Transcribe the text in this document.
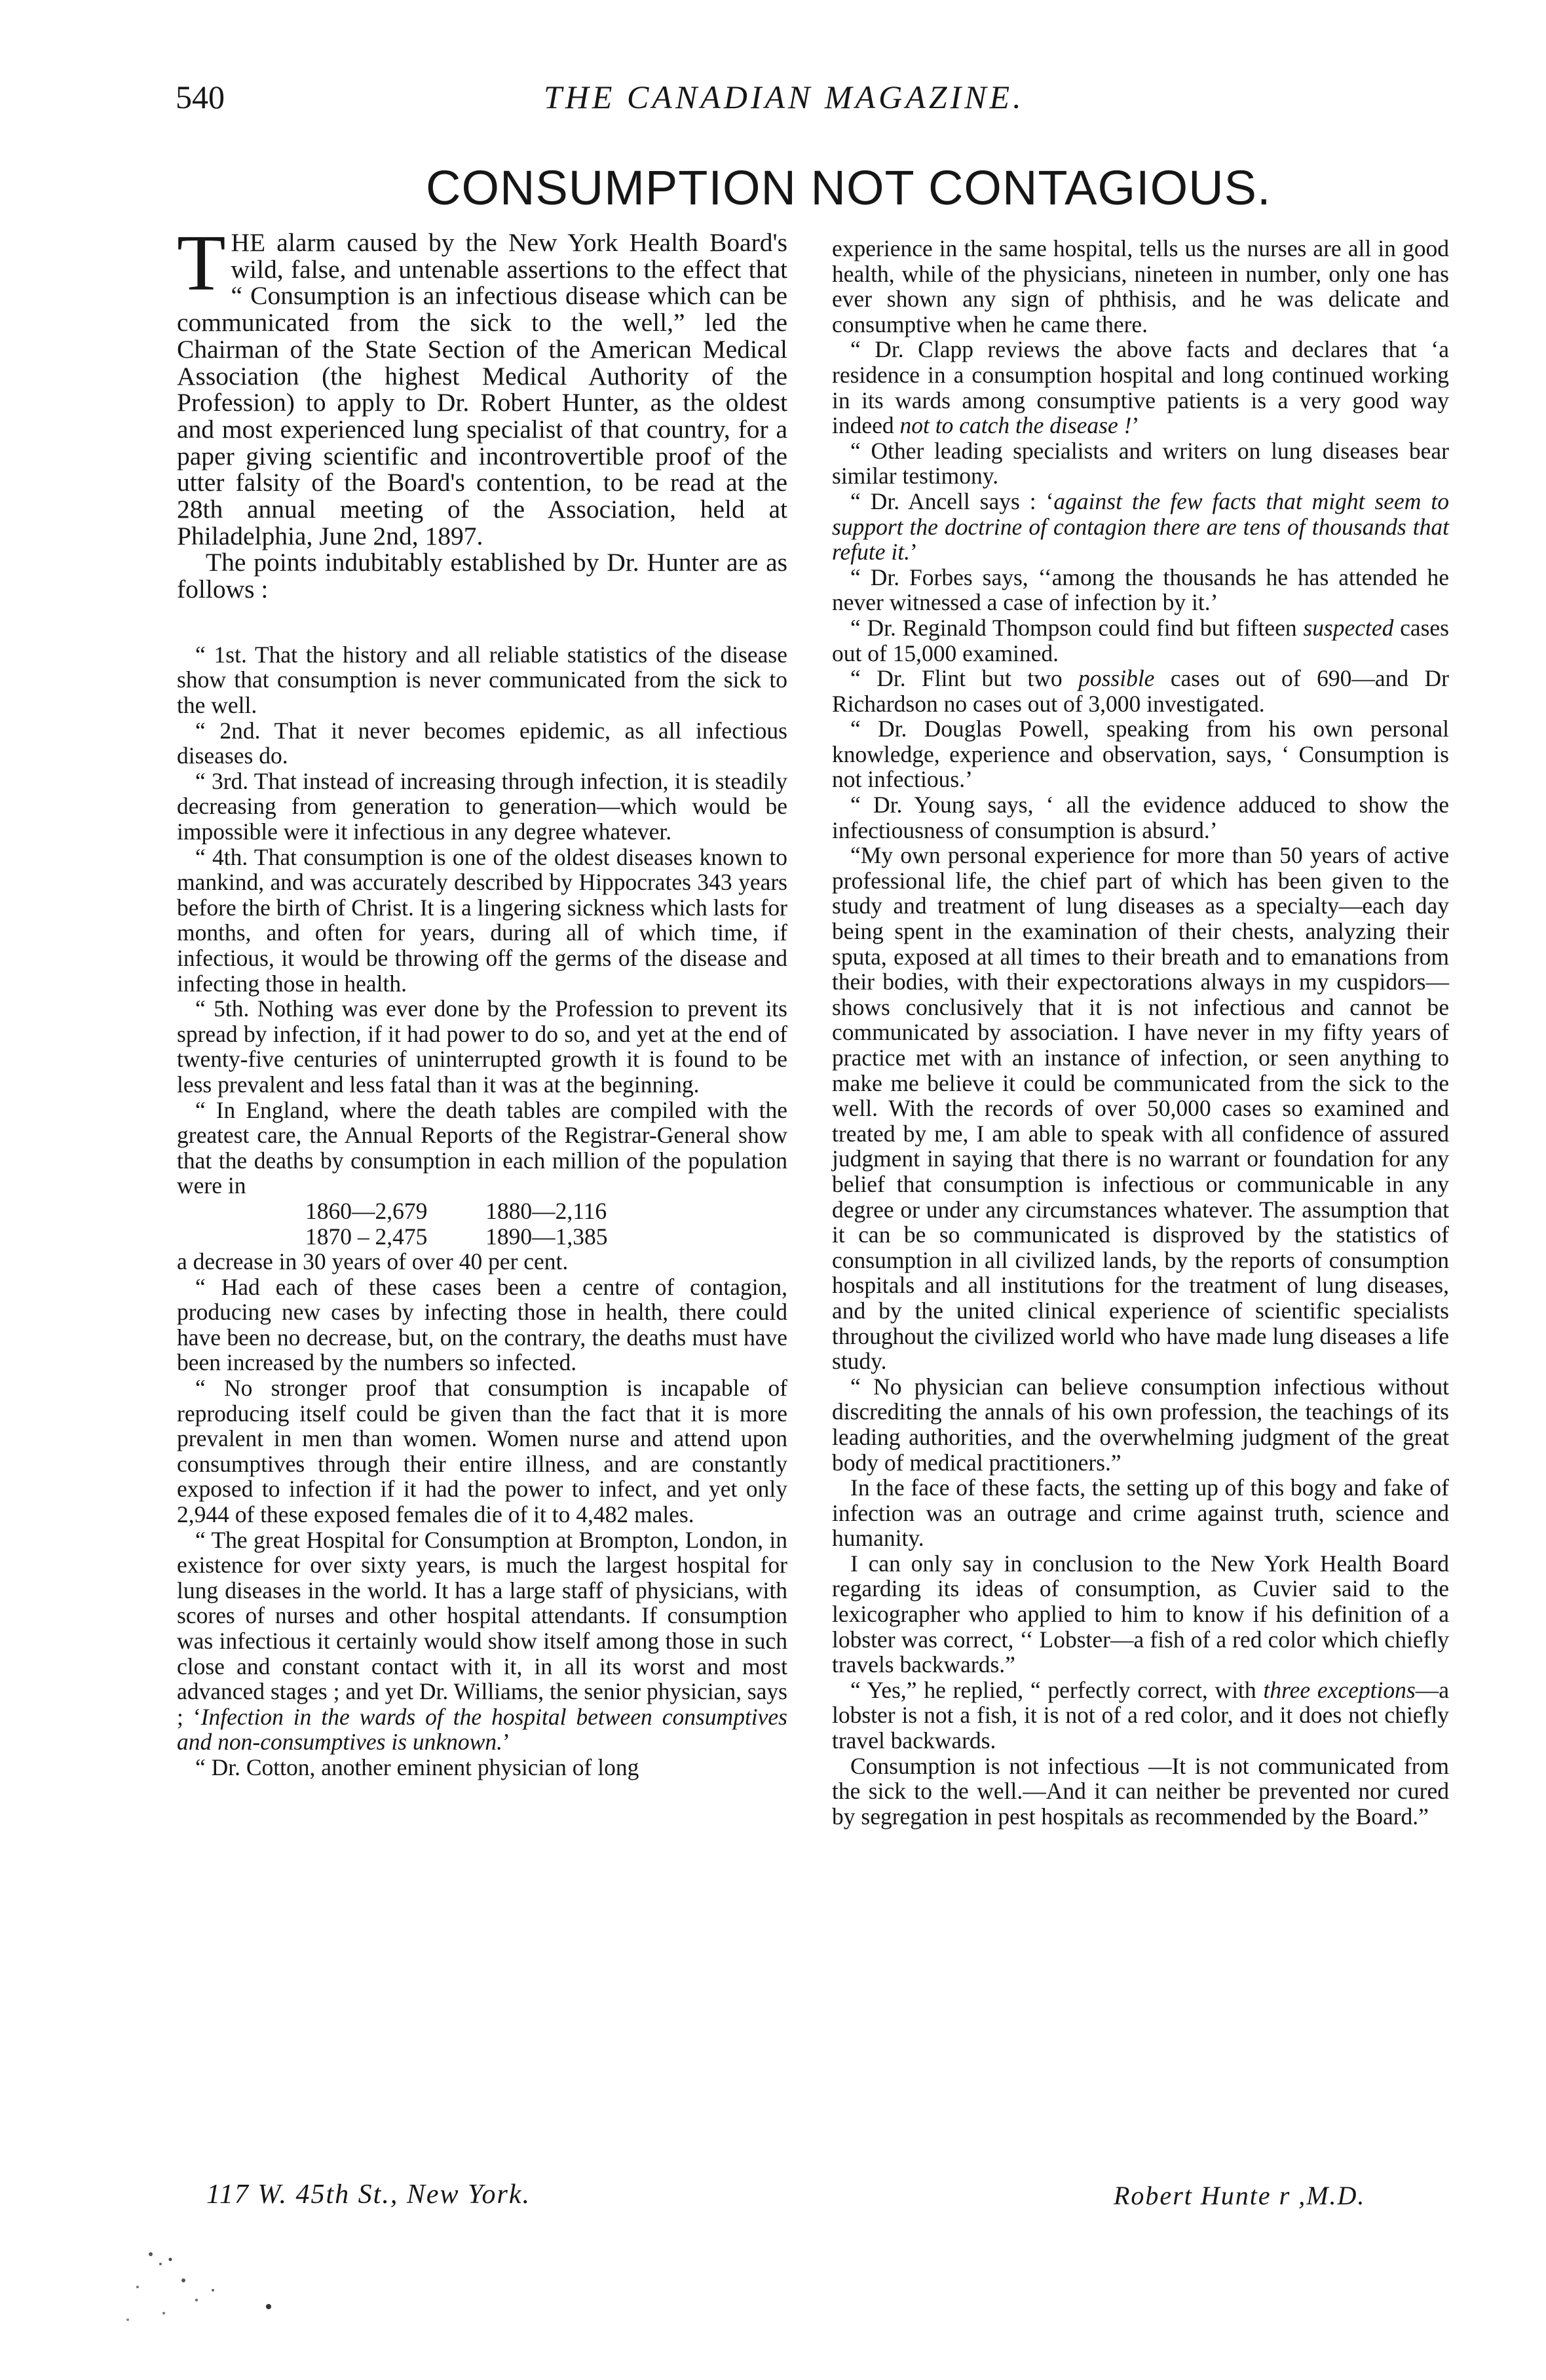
540	THE CANADIAN MAGAZINE.

CONSUMPTION NOT CONTAGIOUS.

THE alarm caused by the New York Health Board's wild, false, and untenable assertions to the effect that “ Consumption is an infectious disease which can be communicated from the sick to the well,” led the Chairman of the State Section of the American Medical Association (the highest Medical Authority of the Profession) to apply to Dr. Robert Hunter, as the oldest and most experienced lung specialist of that country, for a paper giving scientific and incontrovertible proof of the utter falsity of the Board's contention, to be read at the 28th annual meeting of the Association, held at Philadelphia, June 2nd, 1897.

The points indubitably established by Dr. Hunter are as follows :

“ 1st. That the history and all reliable statistics of the disease show that consumption is never communicated from the sick to the well.

“ 2nd. That it never becomes epidemic, as all infectious diseases do.

“ 3rd. That instead of increasing through infection, it is steadily decreasing from generation to generation—which would be impossible were it infectious in any degree whatever.

“ 4th. That consumption is one of the oldest diseases known to mankind, and was accurately described by Hippocrates 343 years before the birth of Christ. It is a lingering sickness which lasts for months, and often for years, during all of which time, if infectious, it would be throwing off the germs of the disease and infecting those in health.

“ 5th. Nothing was ever done by the Profession to prevent its spread by infection, if it had power to do so, and yet at the end of twenty-five centuries of uninterrupted growth it is found to be less prevalent and less fatal than it was at the beginning.

“ In England, where the death tables are compiled with the greatest care, the Annual Reports of the Registrar-General show that the deaths by consumption in each million of the population were in

1860—2,679          1880—2,116
1870 – 2,475          1890—1,385

a decrease in 30 years of over 40 per cent.

“ Had each of these cases been a centre of contagion, producing new cases by infecting those in health, there could have been no decrease, but, on the contrary, the deaths must have been increased by the numbers so infected.

“ No stronger proof that consumption is incapable of reproducing itself could be given than the fact that it is more prevalent in men than women. Women nurse and attend upon consumptives through their entire illness, and are constantly exposed to infection if it had the power to infect, and yet only 2,944 of these exposed females die of it to 4,482 males.

“ The great Hospital for Consumption at Brompton, London, in existence for over sixty years, is much the largest hospital for lung diseases in the world. It has a large staff of physicians, with scores of nurses and other hospital attendants. If consumption was infectious it certainly would show itself among those in such close and constant contact with it, in all its worst and most advanced stages ; and yet Dr. Williams, the senior physician, says ; ‘Infection in the wards of the hospital between consumptives and non-consumptives is unknown.’

“ Dr. Cotton, another eminent physician of long

experience in the same hospital, tells us the nurses are all in good health, while of the physicians, nineteen in number, only one has ever shown any sign of phthisis, and he was delicate and consumptive when he came there.

“ Dr. Clapp reviews the above facts and declares that ‘a residence in a consumption hospital and long continued working in its wards among consumptive patients is a very good way indeed not to catch the disease !’

“ Other leading specialists and writers on lung diseases bear similar testimony.

“ Dr. Ancell says : ‘against the few facts that might seem to support the doctrine of contagion there are tens of thousands that refute it.’

“ Dr. Forbes says, ‘‘among the thousands he has attended he never witnessed a case of infection by it.’

“ Dr. Reginald Thompson could find but fifteen suspected cases out of 15,000 examined.

“ Dr. Flint but two possible cases out of 690—and Dr Richardson no cases out of 3,000 investigated.

“ Dr. Douglas Powell, speaking from his own personal knowledge, experience and observation, says, ‘ Consumption is not infectious.’

“ Dr. Young says, ‘ all the evidence adduced to show the infectiousness of consumption is absurd.’

“My own personal experience for more than 50 years of active professional life, the chief part of which has been given to the study and treatment of lung diseases as a specialty—each day being spent in the examination of their chests, analyzing their sputa, exposed at all times to their breath and to emanations from their bodies, with their expectorations always in my cuspidors—shows conclusively that it is not infectious and cannot be communicated by association. I have never in my fifty years of practice met with an instance of infection, or seen anything to make me believe it could be communicated from the sick to the well. With the records of over 50,000 cases so examined and treated by me, I am able to speak with all confidence of assured judgment in saying that there is no warrant or foundation for any belief that consumption is infectious or communicable in any degree or under any circumstances whatever. The assumption that it can be so communicated is disproved by the statistics of consumption in all civilized lands, by the reports of consumption hospitals and all institutions for the treatment of lung diseases, and by the united clinical experience of scientific specialists throughout the civilized world who have made lung diseases a life study.

“ No physician can believe consumption infectious without discrediting the annals of his own profession, the teachings of its leading authorities, and the overwhelming judgment of the great body of medical practitioners.”

In the face of these facts, the setting up of this bogy and fake of infection was an outrage and crime against truth, science and humanity.

I can only say in conclusion to the New York Health Board regarding its ideas of consumption, as Cuvier said to the lexicographer who applied to him to know if his definition of a lobster was correct, ‘‘ Lobster—a fish of a red color which chiefly travels backwards.”

“ Yes,” he replied, “ perfectly correct, with three exceptions—a lobster is not a fish, it is not of a red color, and it does not chiefly travel backwards.

Consumption is not infectious —It is not communicated from the sick to the well.—And it can neither be prevented nor cured by segregation in pest hospitals as recommended by the Board.”

117 W. 45th St., New York.	Robert Hunte r ,M.D.
